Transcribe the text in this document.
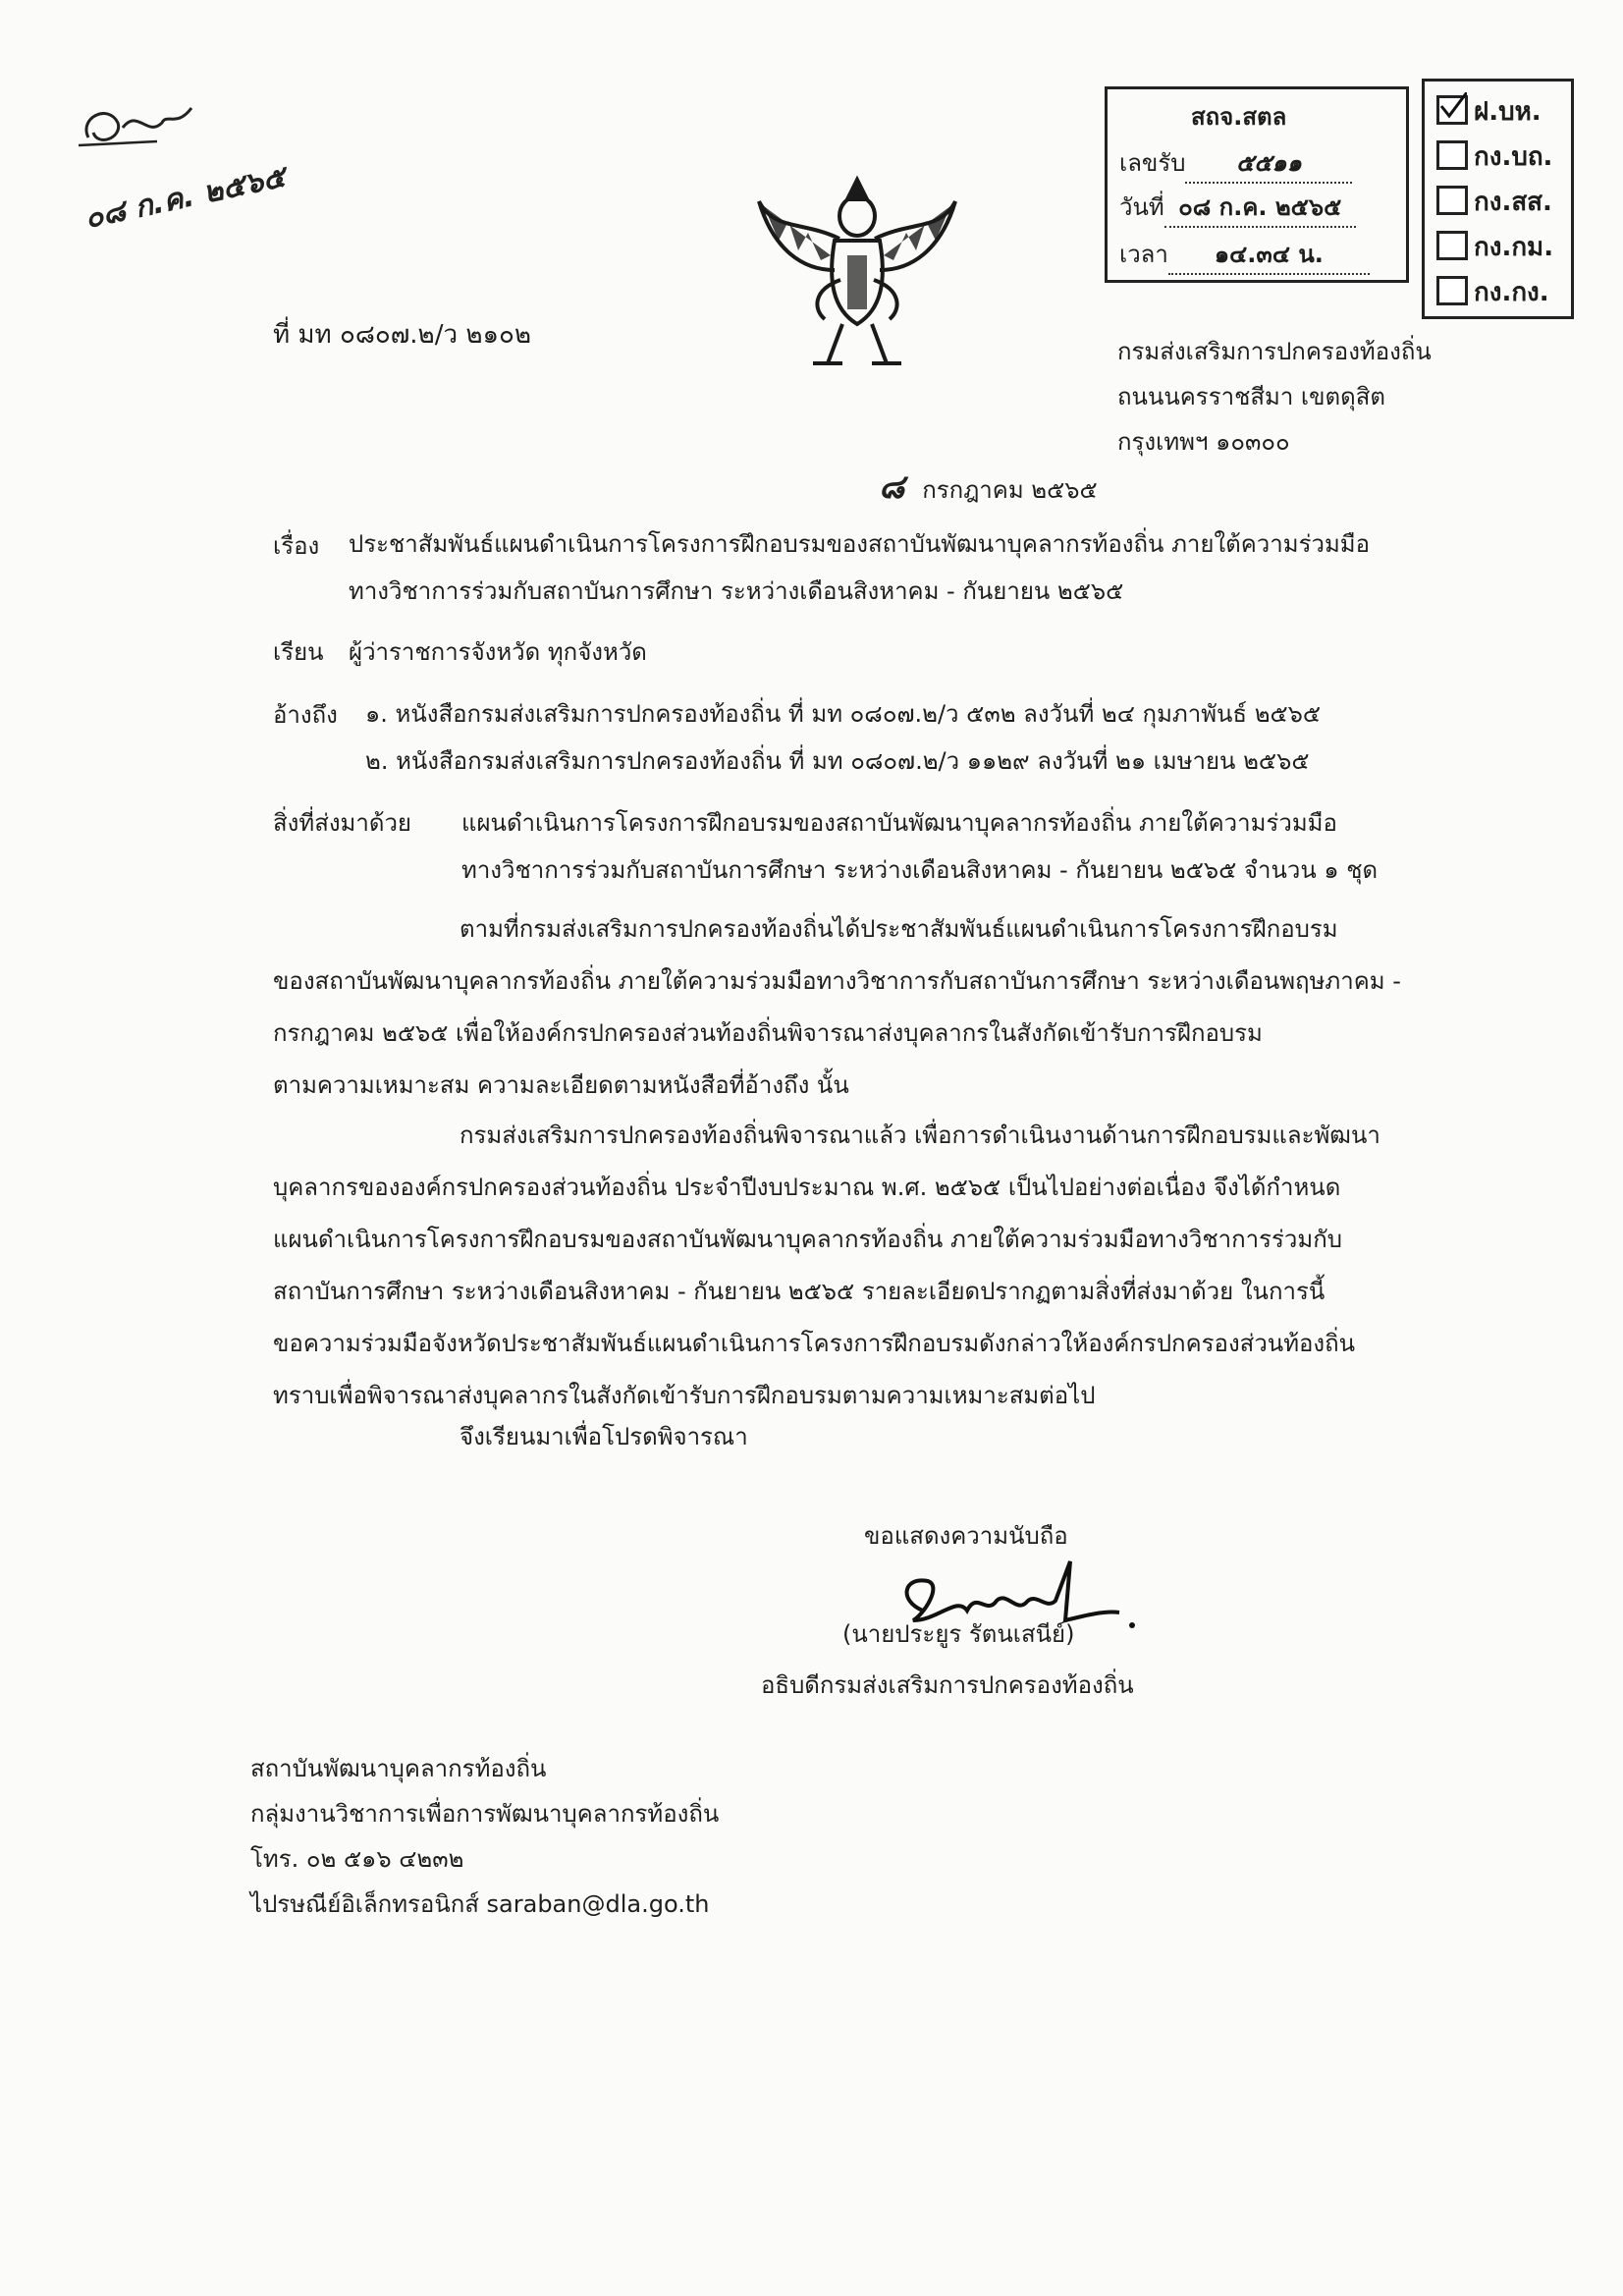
๐๘ ก.ค. ๒๕๖๕
สถจ.สตล
เลขรับ ๕๕๑๑
วันที่ ๐๘ ก.ค. ๒๕๖๕
เวลา ๑๔.๓๔ น.
ฝ.บห.
กง.บถ.
กง.สส.
กง.กม.
กง.กง.
ที่ มท ๐๘๐๗.๒/ว ๒๑๐๒
กรมส่งเสริมการปกครองท้องถิ่น
ถนนนครราชสีมา เขตดุสิต
กรุงเทพฯ ๑๐๓๐๐
๘ กรกฎาคม ๒๕๖๕
เรื่อง ประชาสัมพันธ์แผนดำเนินการโครงการฝึกอบรมของสถาบันพัฒนาบุคลากรท้องถิ่น ภายใต้ความร่วมมือ
ทางวิชาการร่วมกับสถาบันการศึกษา ระหว่างเดือนสิงหาคม - กันยายน ๒๕๖๕
เรียน ผู้ว่าราชการจังหวัด ทุกจังหวัด
อ้างถึง ๑. หนังสือกรมส่งเสริมการปกครองท้องถิ่น ที่ มท ๐๘๐๗.๒/ว ๕๓๒ ลงวันที่ ๒๔ กุมภาพันธ์ ๒๕๖๕
๒. หนังสือกรมส่งเสริมการปกครองท้องถิ่น ที่ มท ๐๘๐๗.๒/ว ๑๑๒๙ ลงวันที่ ๒๑ เมษายน ๒๕๖๕
สิ่งที่ส่งมาด้วย แผนดำเนินการโครงการฝึกอบรมของสถาบันพัฒนาบุคลากรท้องถิ่น ภายใต้ความร่วมมือ
ทางวิชาการร่วมกับสถาบันการศึกษา ระหว่างเดือนสิงหาคม - กันยายน ๒๕๖๕ จำนวน ๑ ชุด
ตามที่กรมส่งเสริมการปกครองท้องถิ่นได้ประชาสัมพันธ์แผนดำเนินการโครงการฝึกอบรม
ของสถาบันพัฒนาบุคลากรท้องถิ่น ภายใต้ความร่วมมือทางวิชาการกับสถาบันการศึกษา ระหว่างเดือนพฤษภาคม -
กรกฎาคม ๒๕๖๕ เพื่อให้องค์กรปกครองส่วนท้องถิ่นพิจารณาส่งบุคลากรในสังกัดเข้ารับการฝึกอบรม
ตามความเหมาะสม ความละเอียดตามหนังสือที่อ้างถึง นั้น
กรมส่งเสริมการปกครองท้องถิ่นพิจารณาแล้ว เพื่อการดำเนินงานด้านการฝึกอบรมและพัฒนา
บุคลากรขององค์กรปกครองส่วนท้องถิ่น ประจำปีงบประมาณ พ.ศ. ๒๕๖๕ เป็นไปอย่างต่อเนื่อง จึงได้กำหนด
แผนดำเนินการโครงการฝึกอบรมของสถาบันพัฒนาบุคลากรท้องถิ่น ภายใต้ความร่วมมือทางวิชาการร่วมกับ
สถาบันการศึกษา ระหว่างเดือนสิงหาคม - กันยายน ๒๕๖๕ รายละเอียดปรากฏตามสิ่งที่ส่งมาด้วย ในการนี้
ขอความร่วมมือจังหวัดประชาสัมพันธ์แผนดำเนินการโครงการฝึกอบรมดังกล่าวให้องค์กรปกครองส่วนท้องถิ่น
ทราบเพื่อพิจารณาส่งบุคลากรในสังกัดเข้ารับการฝึกอบรมตามความเหมาะสมต่อไป
จึงเรียนมาเพื่อโปรดพิจารณา
ขอแสดงความนับถือ
(นายประยูร รัตนเสนีย์)
อธิบดีกรมส่งเสริมการปกครองท้องถิ่น
สถาบันพัฒนาบุคลากรท้องถิ่น
กลุ่มงานวิชาการเพื่อการพัฒนาบุคลากรท้องถิ่น
โทร. ๐๒ ๕๑๖ ๔๒๓๒
ไปรษณีย์อิเล็กทรอนิกส์ saraban@dla.go.th
